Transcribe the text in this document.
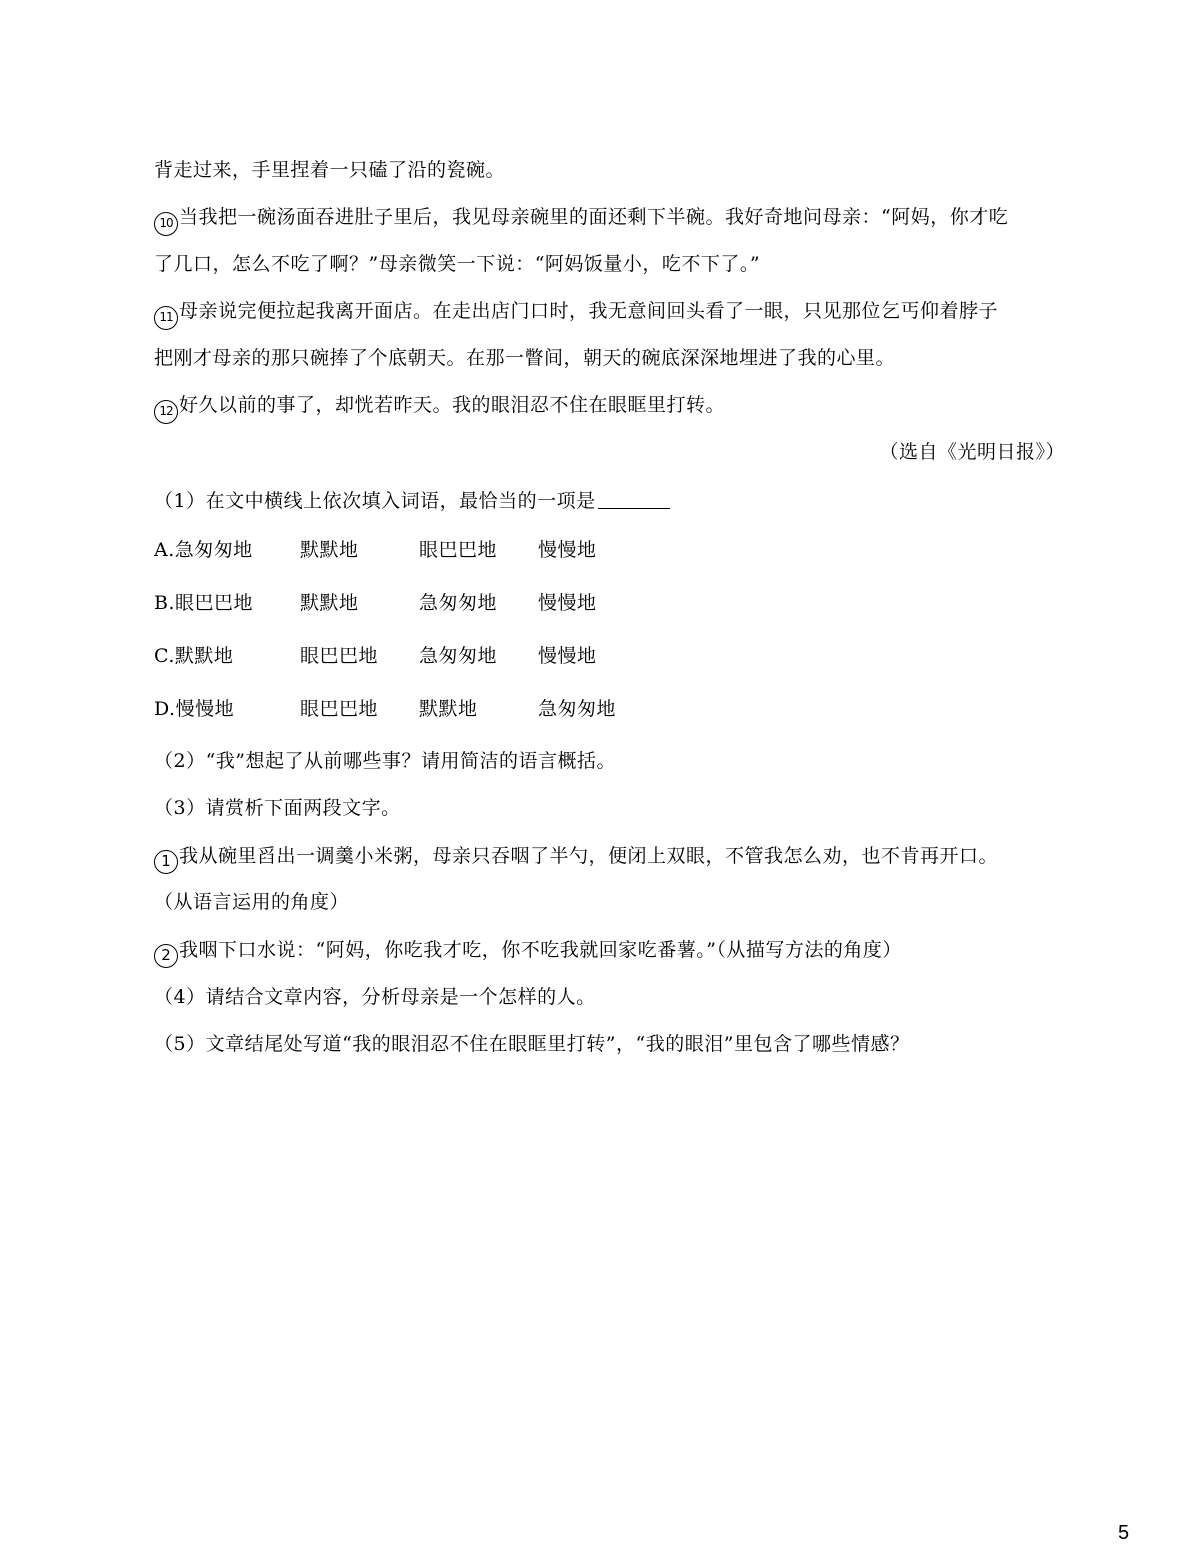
背走过来，手里捏着一只磕了沿的瓷碗。
10 当我把一碗汤面吞进肚子里后，我见母亲碗里的面还剩下半碗。我好奇地问母亲：“阿妈，你才吃
了几口，怎么不吃了啊？”母亲微笑一下说：“阿妈饭量小，吃不下了。”
11 母亲说完便拉起我离开面店。在走出店门口时，我无意间回头看了一眼，只见那位乞丐仰着脖子
把刚才母亲的那只碗捧了个底朝天。在那一瞥间，朝天的碗底深深地埋进了我的心里。
12 好久以前的事了，却恍若昨天。我的眼泪忍不住在眼眶里打转。
（选自《光明日报》）
（1）在文中横线上依次填入词语，最恰当的一项是
A.急匆匆地 默默地	眼巴巴地 慢慢地
B.眼巴巴地 默默地	急匆匆地 慢慢地
C.默默地	眼巴巴地 急匆匆地 慢慢地
D.慢慢地	眼巴巴地 默默地	急匆匆地
（2）“我”想起了从前哪些事？请用简洁的语言概括。
（3）请赏析下面两段文字。
1 我从碗里舀出一调羹小米粥，母亲只吞咽了半勺，便闭上双眼，不管我怎么劝，也不肯再开口。
（从语言运用的角度）
2 我咽下口水说：“阿妈，你吃我才吃，你不吃我就回家吃番薯。”（从描写方法的角度）
（4）请结合文章内容，分析母亲是一个怎样的人。
（5）文章结尾处写道“我的眼泪忍不住在眼眶里打转”，“我的眼泪”里包含了哪些情感？
5
